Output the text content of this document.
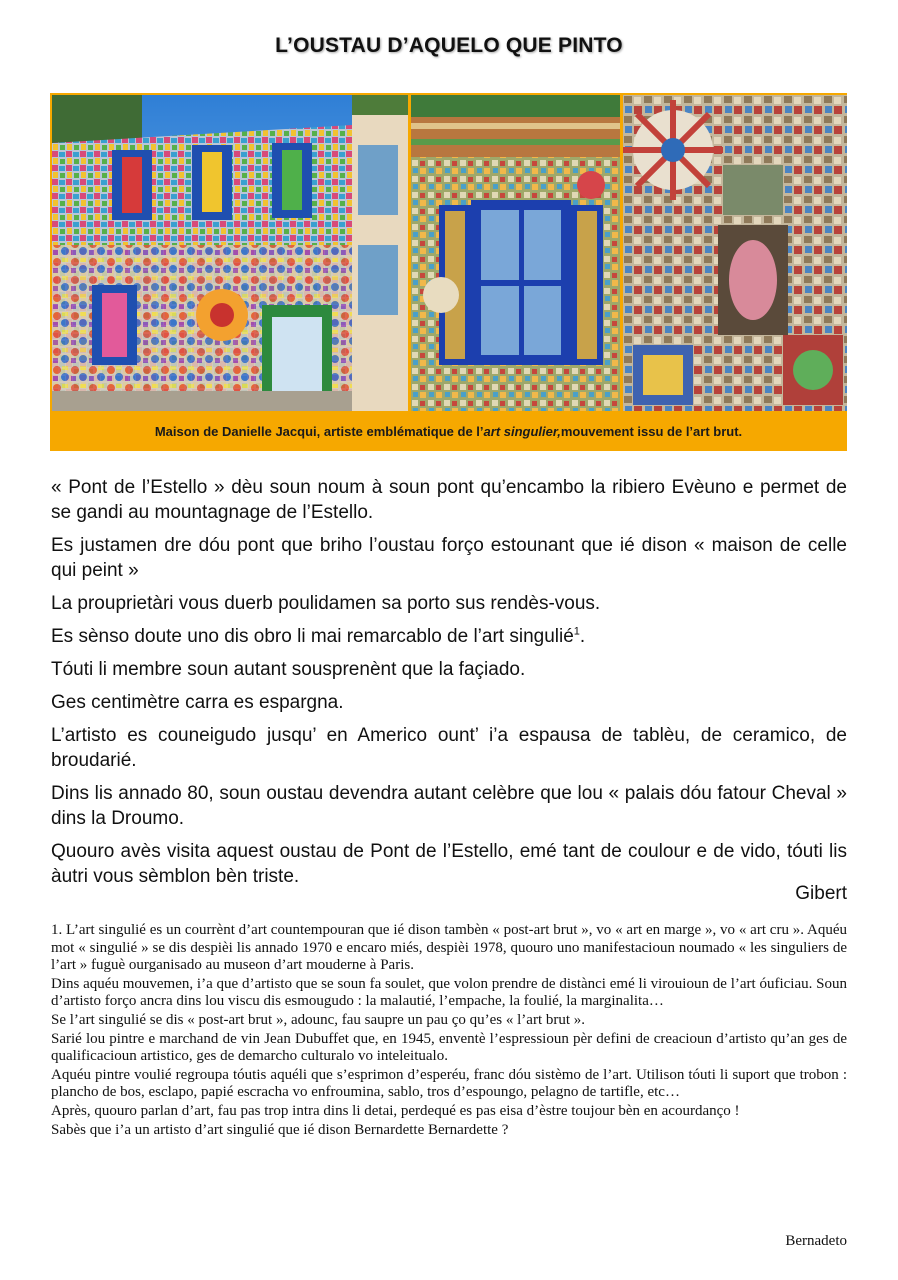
L’OUSTAU D’AQUELO QUE PINTO
Maison de Danielle Jacqui, artiste emblématique de l’ art singulier, mouvement issu de l’art brut.

« Pont de l’Estello » dèu soun noum à soun pont qu’encambo la ribiero Evèuno e permet de se gandi au mountagnage de l’Estello.

Es justamen dre dóu pont que briho l’oustau forço estounant que ié dison « maison de celle qui peint »

La prouprietàri vous duerb poulidamen sa porto sus rendès-vous.

Es sènso doute uno dis obro li mai remarcablo de l’art singulié$^1$.

Tóuti li membre soun autant sousprenènt que la façiado.

Ges centimètre carra es espargna.

L’artisto es couneigudo jusqu’ en Americo ount’ i’a espausa de tablèu, de ceramico, de broudarié.

Dins lis annado 80, soun oustau devendra autant celèbre que lou « palais dóu fatour Cheval » dins la Droumo.

Quouro avès visita aquest oustau de Pont de l’Estello, emé tant de coulour e de vido, tóuti lis àutri vous sèmblon bèn triste.

Gibert

1. L’art singulié es un courrènt d’art countempouran que ié dison tambèn « post-art brut », vo « art en marge », vo « art cru ». Aquéu mot « singulié » se dis despièi lis annado 1970 e encaro miés, despièi 1978, quouro uno manifestacioun noumado « les singuliers de l’art » fuguè ourganisado au museon d’art mouderne à Paris.

Dins aquéu mouvemen, i’a que d’artisto que se soun fa soulet, que volon prendre de distànci emé li virouioun de l’art óuficiau. Soun d’artisto forço ancra dins lou viscu dis esmougudo : la malautié, l’empache, la foulié, la marginalita…

Se l’art singulié se dis « post-art brut », adounc, fau saupre un pau ço qu’es « l’art brut ».

Sarié lou pintre e marchand de vin Jean Dubuffet que, en 1945, enventè l’espressioun pèr defini de creacioun d’artisto qu’an ges de qualificacioun artistico, ges de demarcho culturalo vo inteleitualo.

Aquéu pintre voulié regroupa tóutis aquéli que s’esprimon d’esperéu, franc dóu sistèmo de l’art. Utilison tóuti li suport que trobon : plancho de bos, esclapo, papié escracha vo enfroumina, sablo, tros d’espoungo, pelagno de tartifle, etc…

Après, quouro parlan d’art, fau pas trop intra dins li detai, perdequé es pas eisa d’èstre toujour bèn en acourdanço !

Sabès que i’a un artisto d’art singulié que ié dison Bernardette Bernardette ?

Bernadeto
